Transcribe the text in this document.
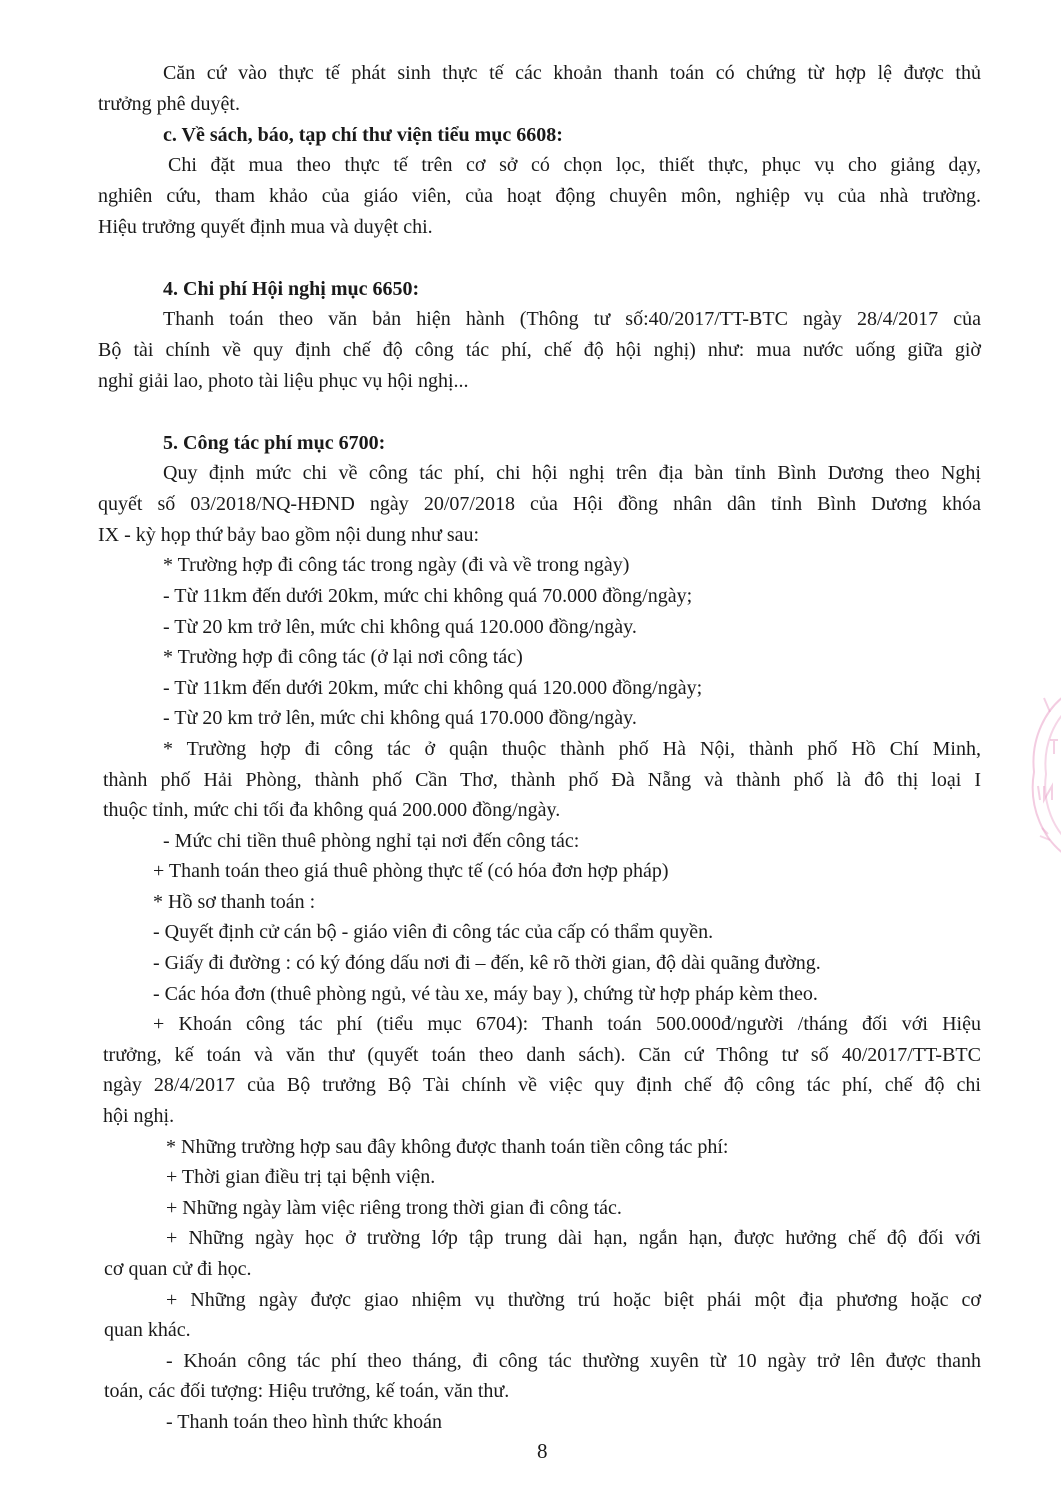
Căn cứ vào thực tế phát sinh thực tế các khoản thanh toán có chứng từ hợp lệ được thủ

trưởng phê duyệt.

c. Về sách, báo, tạp chí thư viện tiểu mục 6608:

Chi đặt mua theo thực tế trên cơ sở có chọn lọc, thiết thực, phục vụ cho giảng dạy,

nghiên cứu, tham khảo của giáo viên, của hoạt động chuyên môn, nghiệp vụ của nhà trường.

Hiệu trưởng quyết định mua và duyệt chi.

4. Chi phí Hội nghị mục 6650:

Thanh toán theo văn bản hiện hành (Thông tư số:40/2017/TT-BTC ngày 28/4/2017 của

Bộ tài chính về quy định chế độ công tác phí, chế độ hội nghị) như: mua nước uống giữa giờ

nghỉ giải lao, photo tài liệu phục vụ hội nghị...

5. Công tác phí mục 6700:

Quy định mức chi về công tác phí, chi hội nghị trên địa bàn tỉnh Bình Dương theo Nghị

quyết số 03/2018/NQ-HĐND ngày 20/07/2018 của Hội đồng nhân dân tỉnh Bình Dương khóa

IX - kỳ họp thứ bảy bao gồm nội dung như sau:

* Trường hợp đi công tác trong ngày (đi và về trong ngày)

- Từ 11km đến dưới 20km, mức chi không quá 70.000 đồng/ngày;

- Từ 20 km trở lên, mức chi không quá 120.000 đồng/ngày.

* Trường hợp đi công tác (ở lại nơi công tác)

- Từ 11km đến dưới 20km, mức chi không quá 120.000 đồng/ngày;

- Từ 20 km trở lên, mức chi không quá 170.000 đồng/ngày.

* Trường hợp đi công tác ở quận thuộc thành phố Hà Nội, thành phố Hồ Chí Minh,

thành phố Hải Phòng, thành phố Cần Thơ, thành phố Đà Nẵng và thành phố là đô thị loại I

thuộc tỉnh, mức chi tối đa không quá 200.000 đồng/ngày.

- Mức chi tiền thuê phòng nghỉ tại nơi đến công tác:

+ Thanh toán theo giá thuê phòng thực tế (có hóa đơn hợp pháp)

* Hồ sơ thanh toán :

- Quyết định cử cán bộ - giáo viên đi công tác của cấp có thẩm quyền.

- Giấy đi đường : có ký đóng dấu nơi đi – đến, kê rõ thời gian, độ dài quãng đường.

- Các hóa đơn (thuê phòng ngủ, vé tàu xe, máy bay ), chứng từ hợp pháp kèm theo.

+ Khoán công tác phí (tiểu mục 6704): Thanh toán 500.000đ/người /tháng đối với Hiệu

trưởng, kế toán và văn thư (quyết toán theo danh sách). Căn cứ Thông tư số 40/2017/TT-BTC

ngày 28/4/2017 của Bộ trưởng Bộ Tài chính về việc quy định chế độ công tác phí, chế độ chi

hội nghị.

* Những trường hợp sau đây không được thanh toán tiền công tác phí:

+ Thời gian điều trị tại bệnh viện.

+ Những ngày làm việc riêng trong thời gian đi công tác.

+ Những ngày học ở trường lớp tập trung dài hạn, ngắn hạn, được hưởng chế độ đối với

cơ quan cử đi học.

+ Những ngày được giao nhiệm vụ thường trú hoặc biệt phái một địa phương hoặc cơ

quan khác.

- Khoán công tác phí theo tháng, đi công tác thường xuyên từ 10 ngày trở lên được thanh

toán, các đối tượng: Hiệu trưởng, kế toán, văn thư.

- Thanh toán theo hình thức khoán

8
